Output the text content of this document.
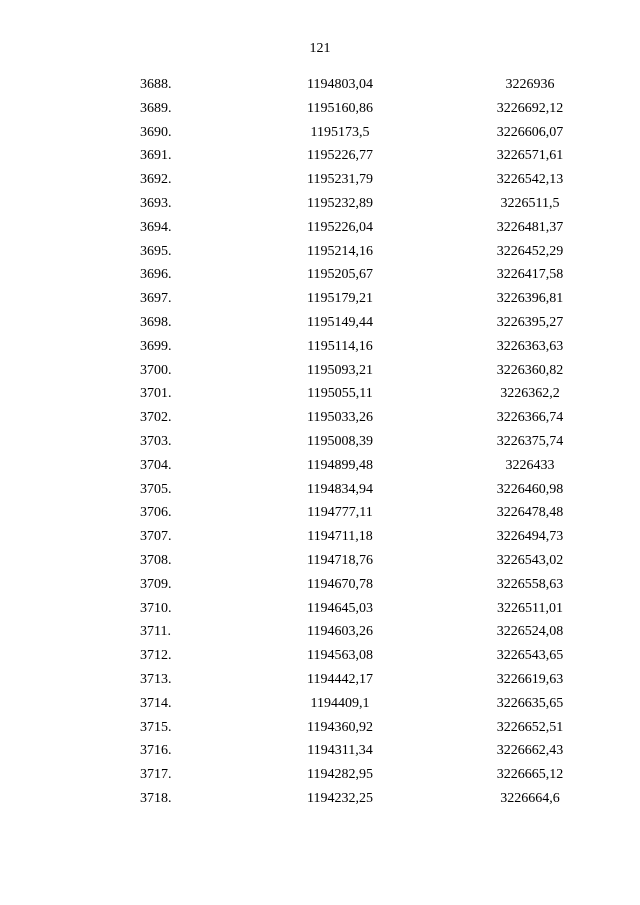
121
3688.	1194803,04	3226936
3689.	1195160,86	3226692,12
3690.	1195173,5	3226606,07
3691.	1195226,77	3226571,61
3692.	1195231,79	3226542,13
3693.	1195232,89	3226511,5
3694.	1195226,04	3226481,37
3695.	1195214,16	3226452,29
3696.	1195205,67	3226417,58
3697.	1195179,21	3226396,81
3698.	1195149,44	3226395,27
3699.	1195114,16	3226363,63
3700.	1195093,21	3226360,82
3701.	1195055,11	3226362,2
3702.	1195033,26	3226366,74
3703.	1195008,39	3226375,74
3704.	1194899,48	3226433
3705.	1194834,94	3226460,98
3706.	1194777,11	3226478,48
3707.	1194711,18	3226494,73
3708.	1194718,76	3226543,02
3709.	1194670,78	3226558,63
3710.	1194645,03	3226511,01
3711.	1194603,26	3226524,08
3712.	1194563,08	3226543,65
3713.	1194442,17	3226619,63
3714.	1194409,1	3226635,65
3715.	1194360,92	3226652,51
3716.	1194311,34	3226662,43
3717.	1194282,95	3226665,12
3718.	1194232,25	3226664,6
